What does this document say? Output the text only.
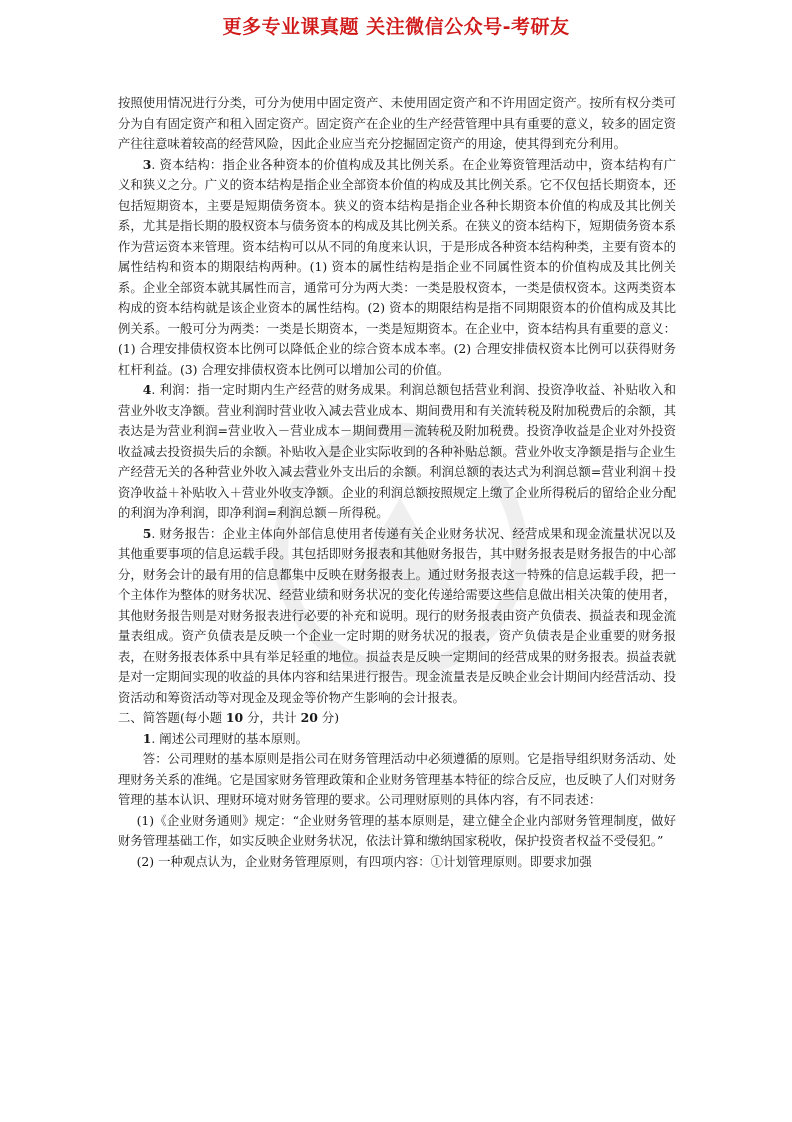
更多专业课真题 关注微信公众号-考研友

按照使用情况进行分类，可分为使用中固定资产、未使用固定资产和不许用固定资产。按所有权分类可分为自有固定资产和租入固定资产。固定资产在企业的生产经营管理中具有重要的意义，较多的固定资产往往意味着较高的经营风险，因此企业应当充分挖掘固定资产的用途，使其得到充分利用。

3. 资本结构：指企业各种资本的价值构成及其比例关系。在企业筹资管理活动中，资本结构有广义和狭义之分。广义的资本结构是指企业全部资本价值的构成及其比例关系。它不仅包括长期资本，还包括短期资本，主要是短期债务资本。狭义的资本结构是指企业各种长期资本价值的构成及其比例关系，尤其是指长期的股权资本与债务资本的构成及其比例关系。在狭义的资本结构下，短期债务资本系作为营运资本来管理。资本结构可以从不同的角度来认识，于是形成各种资本结构种类，主要有资本的属性结构和资本的期限结构两种。(1) 资本的属性结构是指企业不同属性资本的价值构成及其比例关系。企业全部资本就其属性而言，通常可分为两大类：一类是股权资本，一类是债权资本。这两类资本构成的资本结构就是该企业资本的属性结构。(2) 资本的期限结构是指不同期限资本的价值构成及其比例关系。一般可分为两类：一类是长期资本，一类是短期资本。在企业中，资本结构具有重要的意义：(1) 合理安排债权资本比例可以降低企业的综合资本成本率。(2) 合理安排债权资本比例可以获得财务杠杆利益。(3) 合理安排债权资本比例可以增加公司的价值。

4. 利润：指一定时期内生产经营的财务成果。利润总额包括营业利润、投资净收益、补贴收入和营业外收支净额。营业利润时营业收入减去营业成本、期间费用和有关流转税及附加税费后的余额，其表达是为营业利润=营业收入－营业成本－期间费用－流转税及附加税费。投资净收益是企业对外投资收益减去投资损失后的余额。补贴收入是企业实际收到的各种补贴总额。营业外收支净额是指与企业生产经营无关的各种营业外收入减去营业外支出后的余额。利润总额的表达式为利润总额=营业利润＋投资净收益＋补贴收入＋营业外收支净额。企业的利润总额按照规定上缴了企业所得税后的留给企业分配的利润为净利润，即净利润=利润总额－所得税。

5. 财务报告：企业主体向外部信息使用者传递有关企业财务状况、经营成果和现金流量状况以及其他重要事项的信息运载手段。其包括即财务报表和其他财务报告，其中财务报表是财务报告的中心部分，财务会计的最有用的信息都集中反映在财务报表上。通过财务报表这一特殊的信息运载手段，把一个主体作为整体的财务状况、经营业绩和财务状况的变化传递给需要这些信息做出相关决策的使用者，其他财务报告则是对财务报表进行必要的补充和说明。现行的财务报表由资产负债表、损益表和现金流量表组成。资产负债表是反映一个企业一定时期的财务状况的报表，资产负债表是企业重要的财务报表，在财务报表体系中具有举足轻重的地位。损益表是反映一定期间的经营成果的财务报表。损益表就是对一定期间实现的收益的具体内容和结果进行报告。现金流量表是反映企业会计期间内经营活动、投资活动和筹资活动等对现金及现金等价物产生影响的会计报表。

二、简答题(每小题 10 分，共计 20 分)

1. 阐述公司理财的基本原则。

答：公司理财的基本原则是指公司在财务管理活动中必须遵循的原则。它是指导组织财务活动、处理财务关系的准绳。它是国家财务管理政策和企业财务管理基本特征的综合反应，也反映了人们对财务管理的基本认识、理财环境对财务管理的要求。公司理财原则的具体内容，有不同表述：

(1)《企业财务通则》规定：“企业财务管理的基本原则是，建立健全企业内部财务管理制度，做好财务管理基础工作，如实反映企业财务状况，依法计算和缴纳国家税收，保护投资者权益不受侵犯。”

(2) 一种观点认为，企业财务管理原则，有四项内容：①计划管理原则。即要求加强
